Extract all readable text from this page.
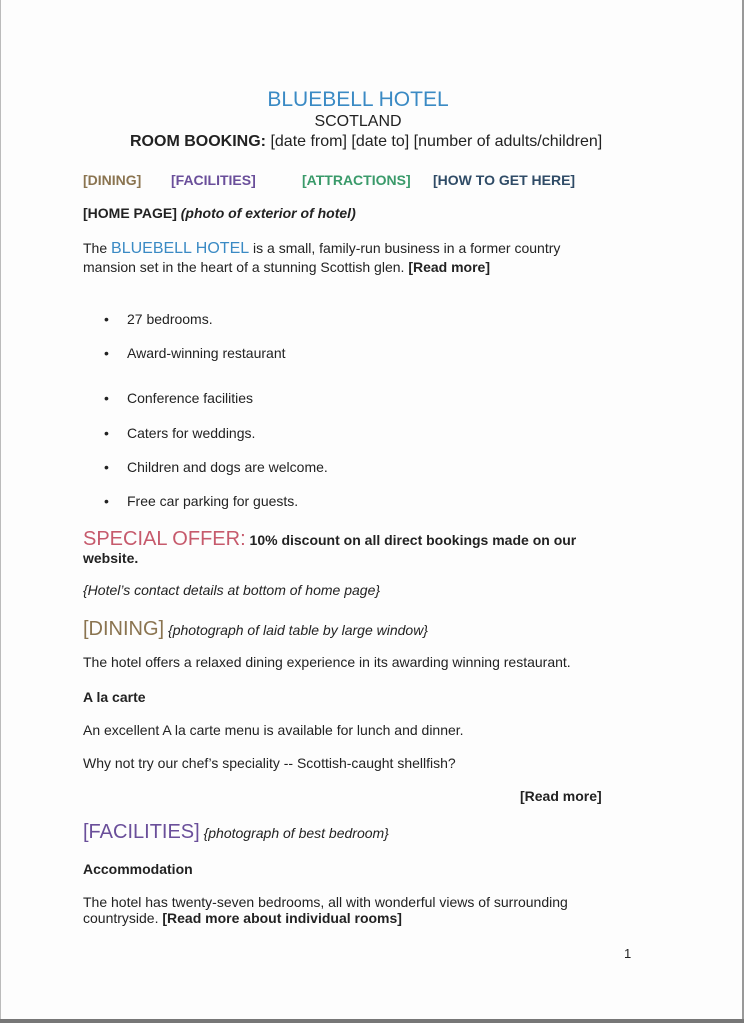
BLUEBELL HOTEL
SCOTLAND
ROOM BOOKING: [date from] [date to] [number of adults/children]
[DINING] [FACILITIES]	[ATTRACTIONS] [HOW TO GET HERE]
[HOME PAGE] (photo of exterior of hotel)
The BLUEBELL HOTEL is a small, family-run business in a former country
mansion set in the heart of a stunning Scottish glen. [Read more]
• 27 bedrooms.
• Award-winning restaurant
• Conference facilities
• Caters for weddings.
• Children and dogs are welcome.
• Free car parking for guests.
SPECIAL OFFER: 10% discount on all direct bookings made on our
website.
{Hotel’s contact details at bottom of home page}
[DINING] {photograph of laid table by large window}
The hotel offers a relaxed dining experience in its awarding winning restaurant.
A la carte
An excellent A la carte menu is available for lunch and dinner.
Why not try our chef’s speciality -- Scottish-caught shellfish?
[Read more]
[FACILITIES] {photograph of best bedroom}
Accommodation
The hotel has twenty-seven bedrooms, all with wonderful views of surrounding
countryside. [Read more about individual rooms]
1
